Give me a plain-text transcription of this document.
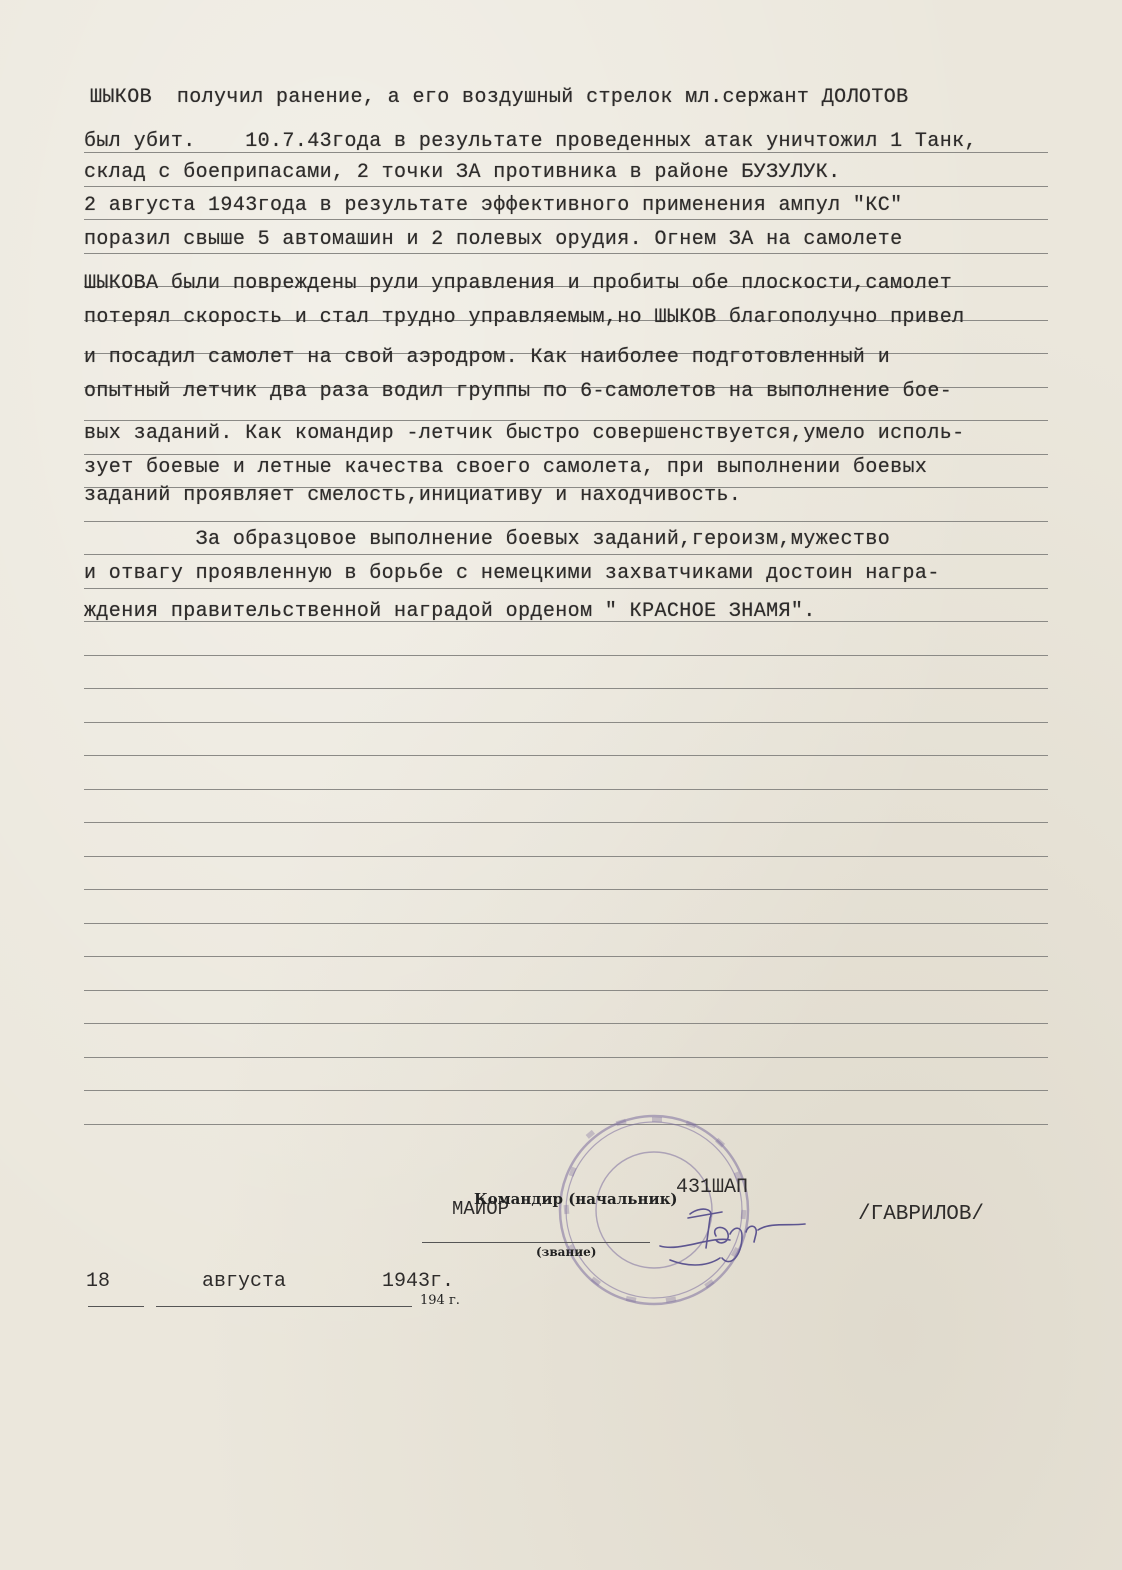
ШЫКОВ  получил ранение, а его воздушный стрелок мл.сержант ДОЛОТОВ
был убит.    10.7.43года в результате проведенных атак уничтожил 1 Танк,
склад с боеприпасами, 2 точки ЗА противника в районе БУЗУЛУК.
2 августа 1943года в результате эффективного применения ампул "КС"
поразил свыше 5 автомашин и 2 полевых орудия. Огнем ЗА на самолете
ШЫКОВА были повреждены рули управления и пробиты обе плоскости,самолет
потерял скорость и стал трудно управляемым,но ШЫКОВ благополучно привел
и посадил самолет на свой аэродром. Как наиболее подготовленный и
опытный летчик два раза водил группы по 6-самолетов на выполнение бое-
вых заданий. Как командир -летчик быстро совершенствуется,умело исполь-
зует боевые и летные качества своего самолета, при выполнении боевых
заданий проявляет смелость,инициативу и находчивость.
За образцовое выполнение боевых заданий,героизм,мужество
и отвагу проявленную в борьбе с немецкими захватчиками достоин награ-
ждения правительственной наградой орденом " КРАСНОЕ ЗНАМЯ".
МАЙОР
Командир (начальник)
431ШАП
/ГАВРИЛОВ/
(звание)
18	августа	1943г.
194 г.
